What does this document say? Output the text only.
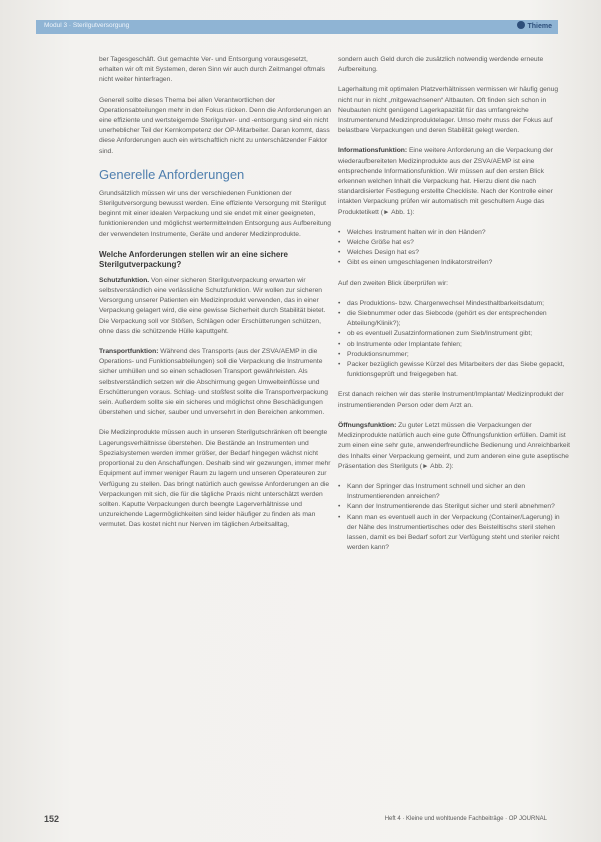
Modul 3 · Sterilgutversorgung	Thieme

ber Tagesgeschäft. Gut gemachte Ver- und Entsorgung vorausgesetzt, erhalten wir oft mit Systemen, deren Sinn wir auch durch Zeitmangel oftmals nicht weiter hinterfragen.

Generell sollte dieses Thema bei allen Verantwortlichen der Operationsabteilungen mehr in den Fokus rücken. Denn die Anforderungen an eine effiziente und wertsteigernde Sterilgutver- und -entsorgung sind ein nicht unerheblicher Teil der Kernkompetenz der OP-Mitarbeiter. Daran kommt, dass diese Anforderungen auch ein wirtschaftlich nicht zu unterschätzender Faktor sind.

Generelle Anforderungen

Grundsätzlich müssen wir uns der verschiedenen Funktionen der Sterilgutversorgung bewusst werden. Eine effiziente Versorgung mit Sterilgut beginnt mit einer idealen Verpackung und sie endet mit einer geeigneten, funktionierenden und möglichst wertermittelnden Entsorgung aus Aufbereitung der verwendeten Instrumente, Geräte und anderer Medizinprodukte.

Welche Anforderungen stellen wir an eine sichere Sterilgutverpackung?

Schutzfunktion. Von einer sicheren Sterilgutverpackung erwarten wir selbstverständlich eine verlässliche Schutzfunktion. Wir wollen zur sicheren Versorgung unserer Patienten ein Medizinprodukt verwenden, das in einer Verpackung gelagert wird, die eine gewisse Sicherheit durch Stabilität bietet. Die Verpackung soll vor Stößen, Schlägen oder Erschütterungen schützen, ohne dass die schützende Hülle kaputtgeht.

Transportfunktion: Während des Transports (aus der ZSVA/AEMP in die Operations- und Funktionsabteilungen) soll die Verpackung die Instrumente sicher umhüllen und so einen schadlosen Transport gewährleisten. Als selbstverständlich setzen wir die Abschirmung gegen Umwelteinflüsse und Erschütterungen voraus. Schlag- und stoßfest sollte die Transportverpackung sein. Außerdem sollte sie ein sicheres und möglichst ohne Beschädigungen überstehen und sicher, sauber und unversehrt in den Bereichen ankommen.

Die Medizinprodukte müssen auch in unseren Sterilgutschränken oft beengte Lagerungsverhältnisse überstehen. Die Bestände an Instrumenten und Spezialsystemen werden immer größer, der Bedarf hingegen wächst nicht proportional zu den Anschaffungen. Deshalb sind wir gezwungen, immer mehr Equipment auf immer weniger Raum zu lagern und unseren Operateuren zur Verfügung zu stellen. Das bringt natürlich auch gewisse Anforderungen an die Verpackungen mit sich, die für die tägliche Praxis nicht unterschätzt werden sollten. Kaputte Verpackungen durch beengte Lagerverhältnisse und unzureichende Lagermöglichkeiten sind leider häufiger zu finden als man vermutet. Das kostet nicht nur Nerven im täglichen Arbeitsalltag,

sondern auch Geld durch die zusätzlich notwendig werdende erneute Aufbereitung.

Lagerhaltung mit optimalen Platzverhältnissen vermissen wir häufig genug nicht nur in nicht „mitgewachsenen“ Altbauten. Oft finden sich schon in Neubauten nicht genügend Lagerkapazität für das umfangreiche Instrumentenund Medizinproduktelager. Umso mehr muss der Fokus auf belastbare Verpackungen und deren Stabilität gelegt werden.

Informationsfunktion: Eine weitere Anforderung an die Verpackung der wiederaufbereiteten Medizinprodukte aus der ZSVA/AEMP ist eine entsprechende Informationsfunktion. Wir müssen auf den ersten Blick erkennen welchen Inhalt die Verpackung hat. Hierzu dient die nach standardisierter Festlegung erstellte Checkliste. Nach der Kontrolle einer intakten Verpackung prüfen wir automatisch mit geschultem Auge das Produktetikett (► Abb. 1):

• Welches Instrument halten wir in den Händen?
• Welche Größe hat es?
• Welches Design hat es?
• Gibt es einen umgeschlagenen Indikatorstreifen?

Auf den zweiten Blick überprüfen wir:

• das Produktions- bzw. Chargenwechsel Mindesthaltbarkeitsdatum;
• die Siebnummer oder das Siebcode (gehört es der entsprechenden Abteilung/Klinik?);
• ob es eventuell Zusatzinformationen zum Sieb/Instrument gibt;
• ob Instrumente oder Implantate fehlen;
• Produktionsnummer;
• Packer bezüglich gewisse Kürzel des Mitarbeiters der das Siebe gepackt, funktionsgeprüft und freigegeben hat.

Erst danach reichen wir das sterile Instrument/Implantat/ Medizinprodukt der instrumentierenden Person oder dem Arzt an.

Öffnungsfunktion: Zu guter Letzt müssen die Verpackungen der Medizinprodukte natürlich auch eine gute Öffnungsfunktion erfüllen. Damit ist zum einen eine sehr gute, anwenderfreundliche Bedienung und Anreichbarkeit des Inhalts einer Verpackung gemeint, und zum anderen eine gute aseptische Präsentation des Sterilguts (► Abb. 2):

• Kann der Springer das Instrument schnell und sicher an den Instrumentierenden anreichen?
• Kann der Instrumentierende das Sterilgut sicher und steril abnehmen?
• Kann man es eventuell auch in der Verpackung (Container/Lagerung) in der Nähe des Instrumentiertisches oder des Beistelltischs steril stehen lassen, damit es bei Bedarf sofort zur Verfügung steht und steriler reicht werden kann?
152	Heft 4 · Kleine und wohltuende Fachbeiträge · OP JOURNAL
